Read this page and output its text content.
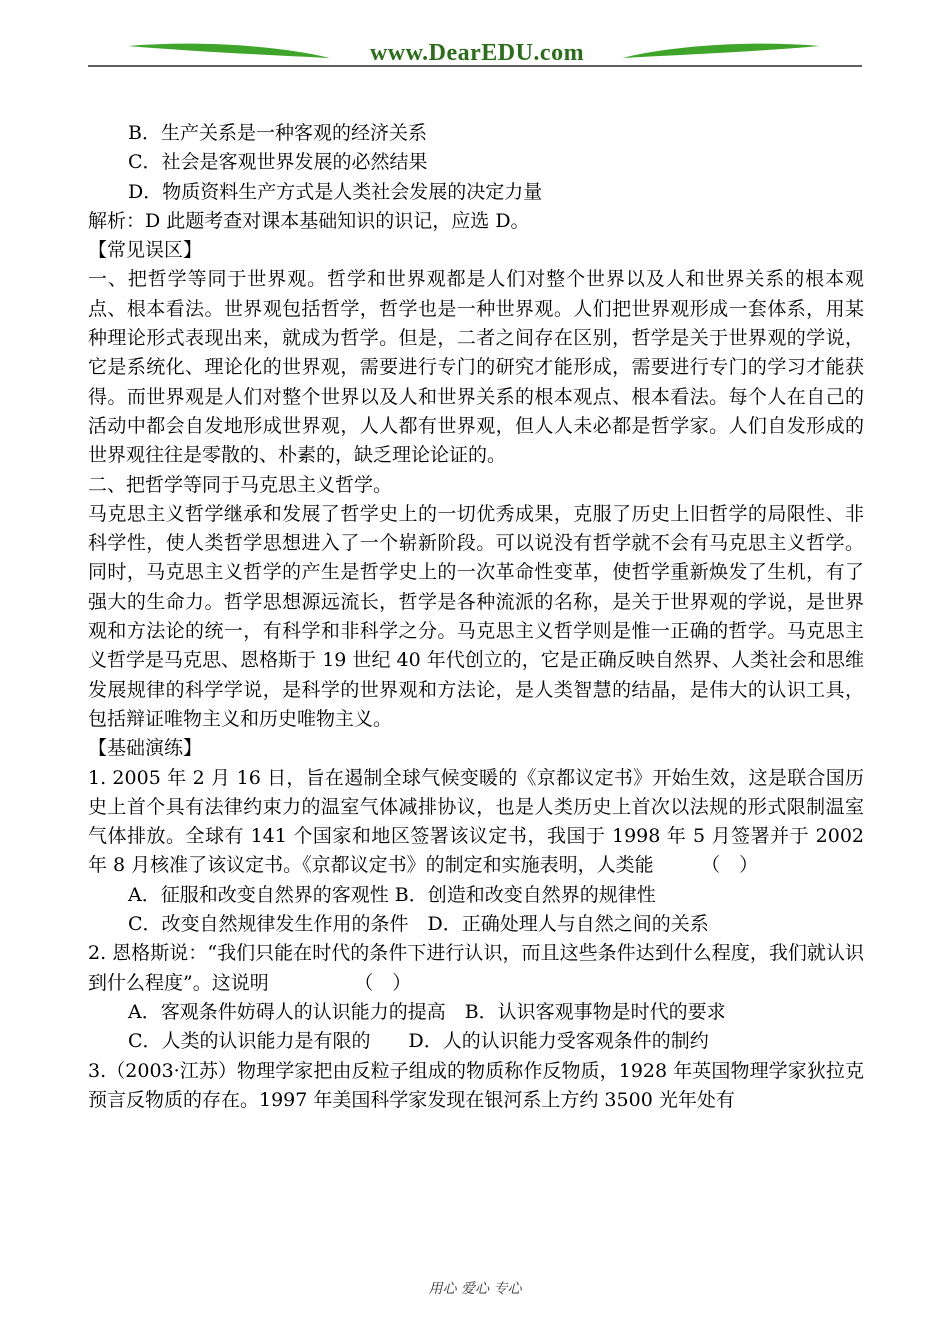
www.DearEDU.com
B．生产关系是一种客观的经济关系
C．社会是客观世界发展的必然结果
D．物质资料生产方式是人类社会发展的决定力量
解析：D 此题考查对课本基础知识的识记，应选 D。
【常见误区】
一、把哲学等同于世界观。哲学和世界观都是人们对整个世界以及人和世界关系的根本观点、根本看法。世界观包括哲学，哲学也是一种世界观。人们把世界观形成一套体系，用某种理论形式表现出来，就成为哲学。但是，二者之间存在区别，哲学是关于世界观的学说，它是系统化、理论化的世界观，需要进行专门的研究才能形成，需要进行专门的学习才能获得。而世界观是人们对整个世界以及人和世界关系的根本观点、根本看法。每个人在自己的活动中都会自发地形成世界观，人人都有世界观，但人人未必都是哲学家。人们自发形成的世界观往往是零散的、朴素的，缺乏理论论证的。
二、把哲学等同于马克思主义哲学。
马克思主义哲学继承和发展了哲学史上的一切优秀成果，克服了历史上旧哲学的局限性、非科学性，使人类哲学思想进入了一个崭新阶段。可以说没有哲学就不会有马克思主义哲学。同时，马克思主义哲学的产生是哲学史上的一次革命性变革，使哲学重新焕发了生机，有了强大的生命力。哲学思想源远流长，哲学是各种流派的名称，是关于世界观的学说，是世界观和方法论的统一，有科学和非科学之分。马克思主义哲学则是惟一正确的哲学。马克思主义哲学是马克思、恩格斯于 19 世纪 40 年代创立的，它是正确反映自然界、人类社会和思维发展规律的科学学说，是科学的世界观和方法论，是人类智慧的结晶，是伟大的认识工具，包括辩证唯物主义和历史唯物主义。
【基础演练】
1. 2005 年 2 月 16 日，旨在遏制全球气候变暖的《京都议定书》开始生效，这是联合国历史上首个具有法律约束力的温室气体减排协议，也是人类历史上首次以法规的形式限制温室气体排放。全球有 141 个国家和地区签署该议定书，我国于 1998 年 5 月签署并于 2002 年 8 月核准了该议定书。《京都议定书》的制定和实施表明，人类能　　　（　）
A．征服和改变自然界的客观性 B．创造和改变自然界的规律性
C．改变自然规律发生作用的条件　D．正确处理人与自然之间的关系
2. 恩格斯说：“我们只能在时代的条件下进行认识，而且这些条件达到什么程度，我们就认识到什么程度”。这说明　　　　　（　）
A．客观条件妨碍人的认识能力的提高　B．认识客观事物是时代的要求
C．人类的认识能力是有限的　　D．人的认识能力受客观条件的制约
3.（2003·江苏）物理学家把由反粒子组成的物质称作反物质，1928 年英国物理学家狄拉克预言反物质的存在。1997 年美国科学家发现在银河系上方约 3500 光年处有
用心 爱心 专心
